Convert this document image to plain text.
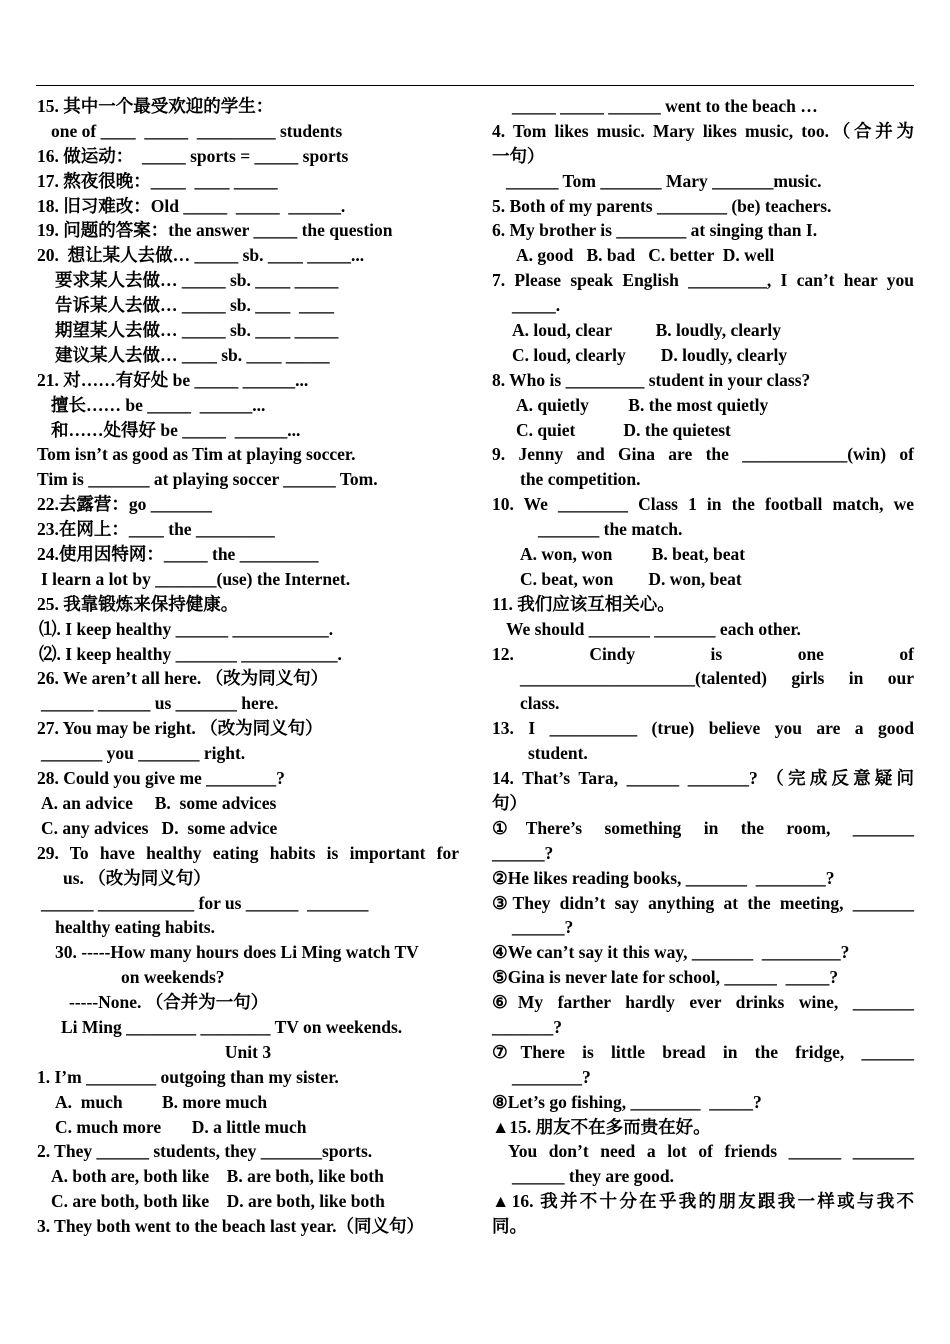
15. 其中一个最受欢迎的学生：
one of ____  _____  _________ students
16. 做运动：  _____ sports = _____ sports
17. 熬夜很晚：____  ____ _____
18. 旧习难改：Old _____  _____  ______.
19. 问题的答案：the answer _____ the question
20.  想让某人去做… _____ sb. ____ _____...
要求某人去做… _____ sb. ____ _____
告诉某人去做… _____ sb. ____  ____
期望某人去做… _____ sb. ____ _____
建议某人去做… ____ sb. ____ _____
21. 对……有好处 be _____ ______...
擅长…… be _____  ______...
和……处得好 be _____  ______...
Tom isn’t as good as Tim at playing soccer.
Tim is _______ at playing soccer ______ Tom.
22.去露营：go _______
23.在网上：____ the _________
24.使用因特网：_____ the _________
I learn a lot by _______(use) the Internet.
25. 我靠锻炼来保持健康。
⑴. I keep healthy ______ ___________.
⑵. I keep healthy _______ ___________.
26. We aren’t all here. （改为同义句）
______ ______ us _______ here.
27. You may be right. （改为同义句）
_______ you _______ right.
28. Could you give me ________?
A. an advice     B.  some advices
C. any advices   D.  some advice
29. To have healthy eating habits is important for
us. （改为同义句）
______ ___________ for us ______  _______
healthy eating habits.
30. -----How many hours does Li Ming watch TV
on weekends?
-----None. （合并为一句）
Li Ming ________ ________ TV on weekends.
Unit 3
1. I’m ________ outgoing than my sister.
A.  much         B. more much
C. much more       D. a little much
2. They ______ students, they _______sports.
A. both are, both like    B. are both, like both
C. are both, both like    D. are both, like both
3. They both went to the beach last year.（同义句）
_____ _____ ______ went to the beach …
4. Tom likes music. Mary likes music, too.（合并为
一句）
______ Tom _______ Mary _______music.
5. Both of my parents ________ (be) teachers.
6. My brother is ________ at singing than I.
A. good   B. bad   C. better  D. well
7. Please speak English _________, I can’t hear you
_____.
A. loud, clear          B. loudly, clearly
C. loud, clearly        D. loudly, clearly
8. Who is _________ student in your class?
A. quietly         B. the most quietly
C. quiet           D. the quietest
9. Jenny and Gina are the ____________(win) of
the competition.
10. We ________ Class 1 in the football match, we
_______ the match.
A. won, won         B. beat, beat
C. beat, won        D. won, beat
11. 我们应该互相关心。
We should _______ _______ each other.
12. Cindy is one of
____________________(talented) girls in our
class.
13. I __________ (true) believe you are a good
student.
14. That’s Tara, ______ _______? （完成反意疑问
句）
①There’s something in the room, _______
______?
②He likes reading books, _______  ________?
③They didn’t say anything at the meeting, _______
______?
④We can’t say it this way, _______  _________?
⑤Gina is never late for school, ______  _____?
⑥My farther hardly ever drinks wine, _______
_______?
⑦There is little bread in the fridge, ______
________?
⑧Let’s go fishing, ________  _____?
▲15. 朋友不在多而贵在好。
You don’t need a lot of friends ______ _______
______ they are good.
▲16. 我并不十分在乎我的朋友跟我一样或与我不
同。
